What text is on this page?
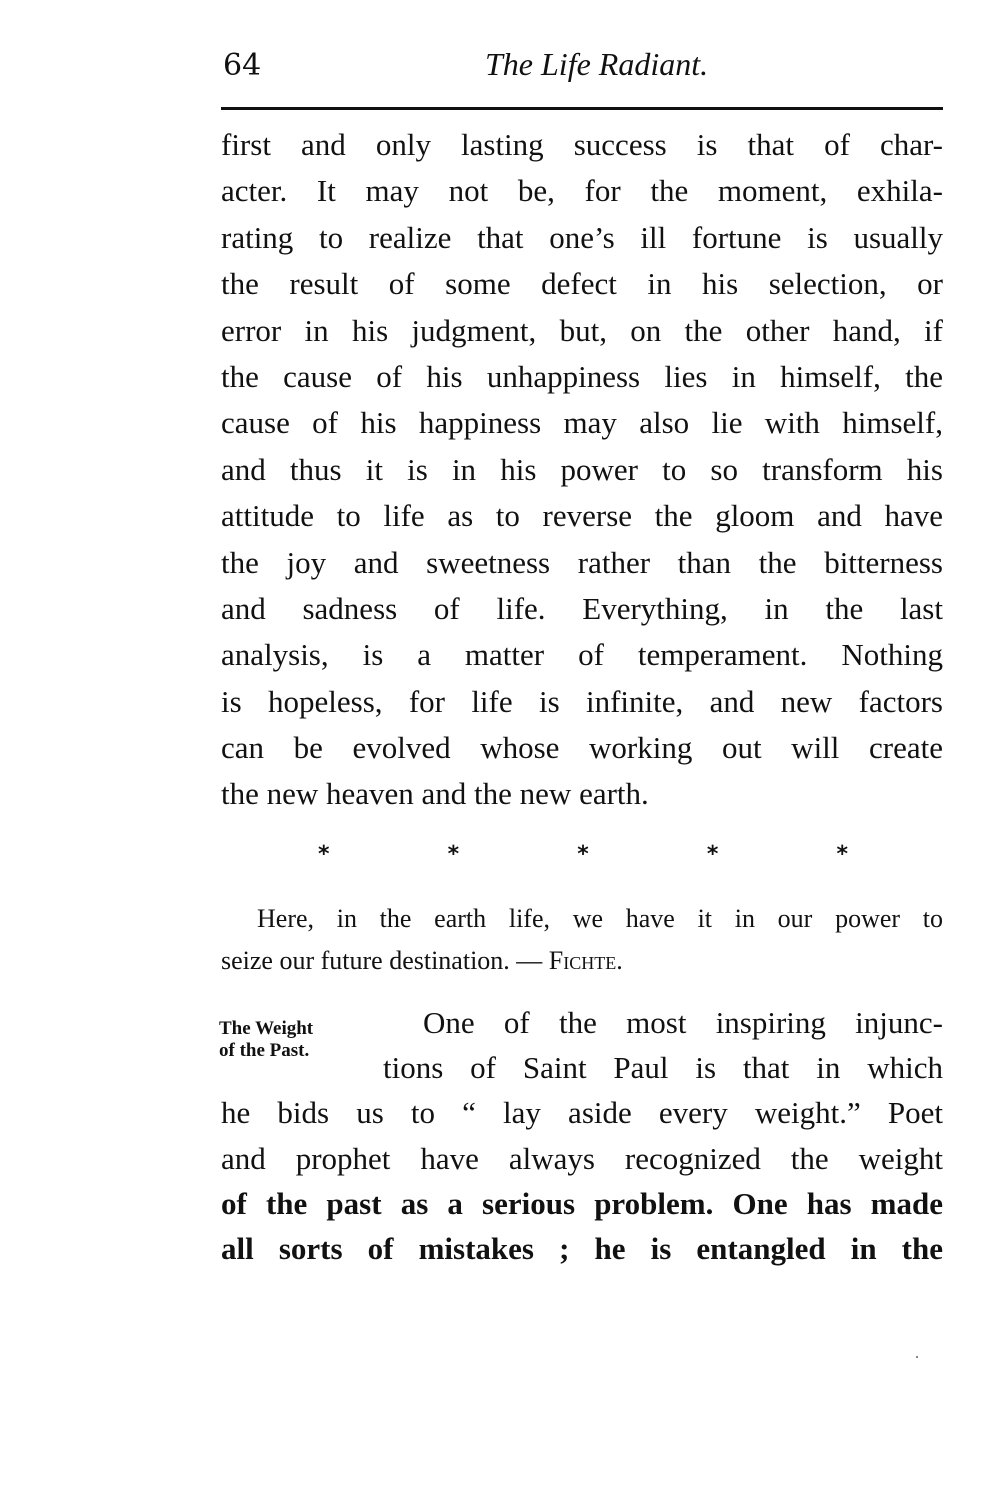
64	The Life Radiant.
first and only lasting success is that of char-
acter. It may not be, for the moment, exhila-
rating to realize that one’s ill fortune is usually
the result of some defect in his selection, or
error in his judgment, but, on the other hand, if
the cause of his unhappiness lies in himself, the
cause of his happiness may also lie with himself,
and thus it is in his power to so transform his
attitude to life as to reverse the gloom and have
the joy and sweetness rather than the bitterness
and sadness of life. Everything, in the last
analysis, is a matter of temperament. Nothing
is hopeless, for life is infinite, and new factors
can be evolved whose working out will create
the new heaven and the new earth.
*	*	*	*	*
Here, in the earth life, we have it in our power to
seize our future destination. — Fichte.
The Weight
of the Past.
One of the most inspiring injunc-
tions of Saint Paul is that in which
he bids us to “ lay aside every weight.” Poet
and prophet have always recognized the weight
of the past as a serious problem. One has made
all sorts of mistakes ; he is entangled in the
